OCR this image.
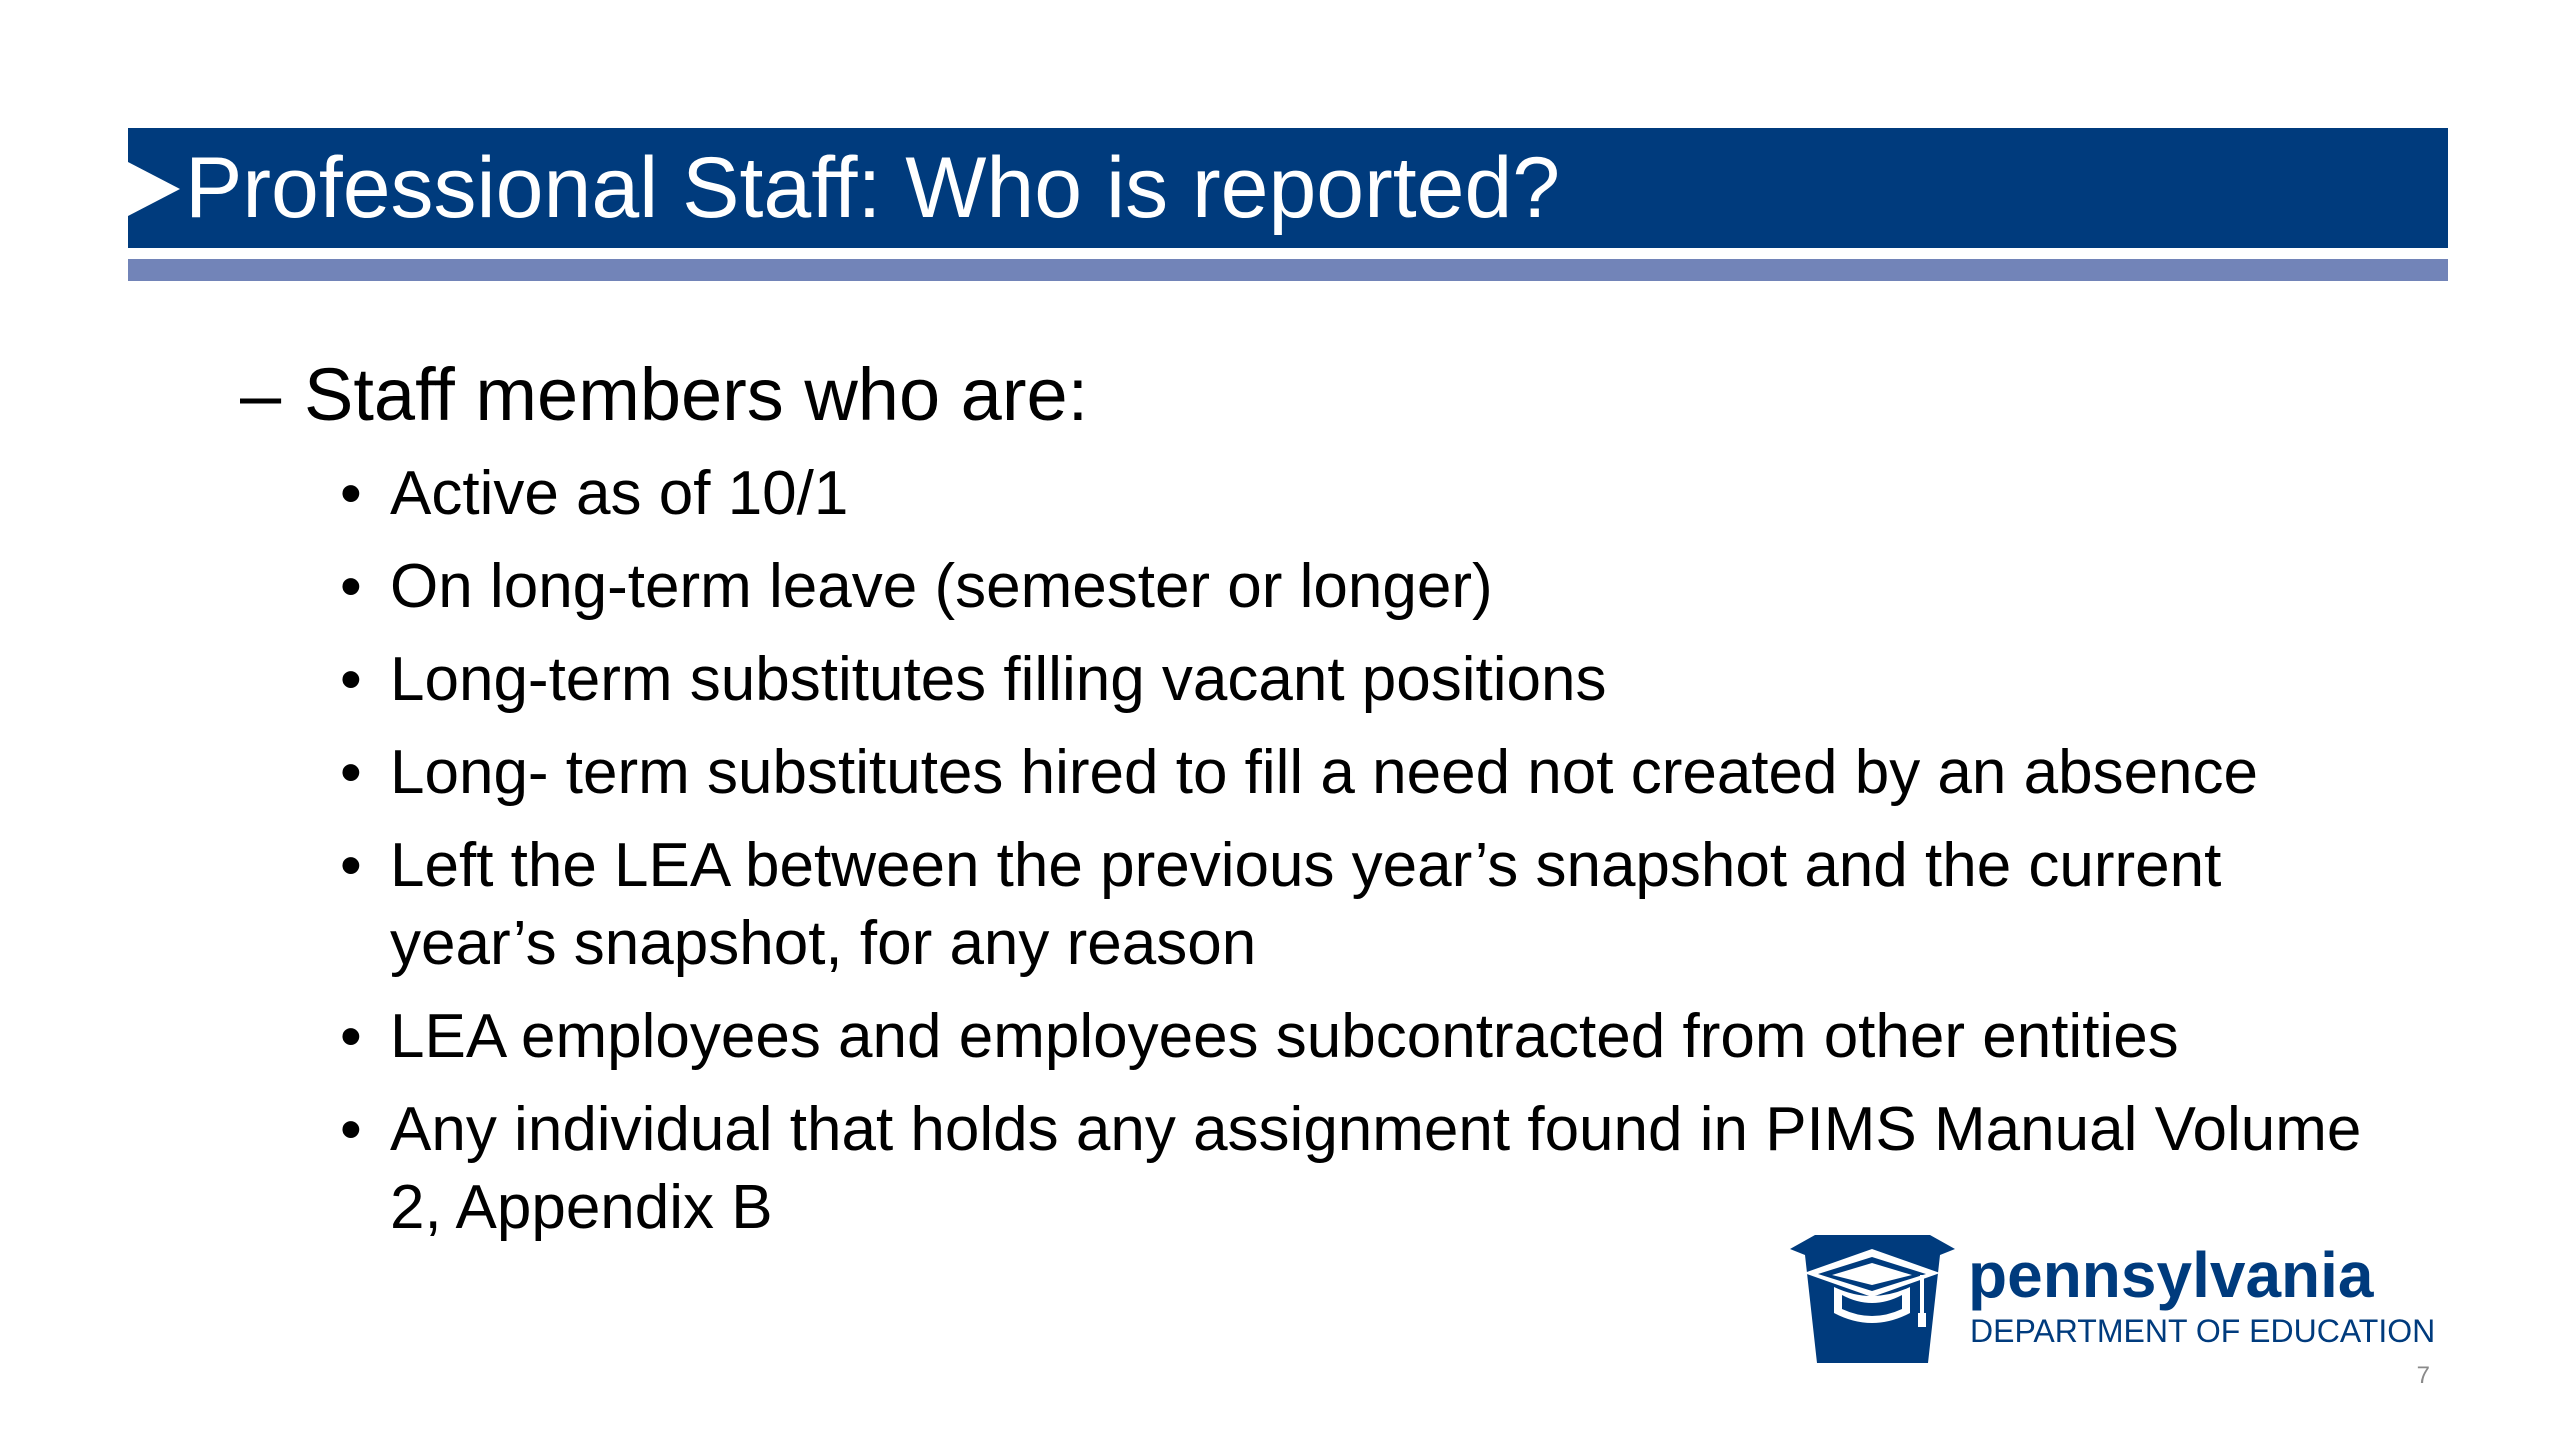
Professional Staff: Who is reported?
– Staff members who are:
• Active as of 10/1
• On long-term leave (semester or longer)
• Long-term substitutes filling vacant positions
• Long- term substitutes hired to fill a need not created by an absence
• Left the LEA between the previous year’s snapshot and the current year’s snapshot, for any reason
• LEA employees and employees subcontracted from other entities
• Any individual that holds any assignment found in PIMS Manual Volume 2, Appendix B
pennsylvania
DEPARTMENT OF EDUCATION
7
